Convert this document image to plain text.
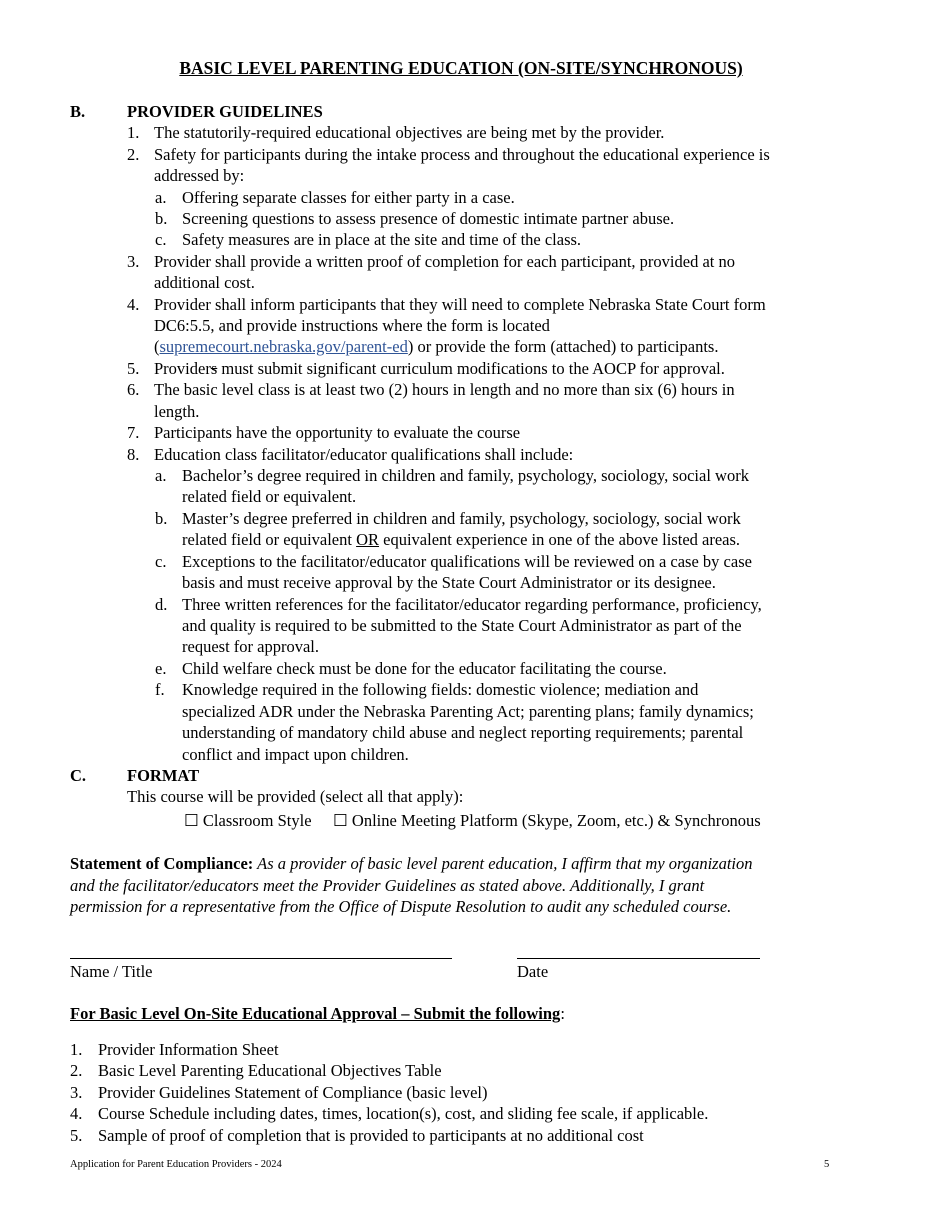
BASIC LEVEL PARENTING EDUCATION (ON-SITE/SYNCHRONOUS)
B.	PROVIDER GUIDELINES
1. The statutorily-required educational objectives are being met by the provider.
2. Safety for participants during the intake process and throughout the educational experience is
addressed by:
a. Offering separate classes for either party in a case.
b. Screening questions to assess presence of domestic intimate partner abuse.
c. Safety measures are in place at the site and time of the class.
3. Provider shall provide a written proof of completion for each participant, provided at no
additional cost.
4. Provider shall inform participants that they will need to complete Nebraska State Court form
DC6:5.5, and provide instructions where the form is located
(supremecourt.nebraska.gov/parent-ed) or provide the form (attached) to participants.
5. Providers must submit significant curriculum modifications to the AOCP for approval.
6. The basic level class is at least two (2) hours in length and no more than six (6) hours in
length.
7. Participants have the opportunity to evaluate the course
8. Education class facilitator/educator qualifications shall include:
a. Bachelor’s degree required in children and family, psychology, sociology, social work
related field or equivalent.
b. Master’s degree preferred in children and family, psychology, sociology, social work
related field or equivalent OR equivalent experience in one of the above listed areas.
c. Exceptions to the facilitator/educator qualifications will be reviewed on a case by case
basis and must receive approval by the State Court Administrator or its designee.
d. Three written references for the facilitator/educator regarding performance, proficiency,
and quality is required to be submitted to the State Court Administrator as part of the
request for approval.
e. Child welfare check must be done for the educator facilitating the course.
f. Knowledge required in the following fields: domestic violence; mediation and
specialized ADR under the Nebraska Parenting Act; parenting plans; family dynamics;
understanding of mandatory child abuse and neglect reporting requirements; parental
conflict and impact upon children.
C. FORMAT
This course will be provided (select all that apply):
☐ Classroom Style ☐ Online Meeting Platform (Skype, Zoom, etc.) & Synchronous
Statement of Compliance: As a provider of basic level parent education, I affirm that my organization
and the facilitator/educators meet the Provider Guidelines as stated above. Additionally, I grant
permission for a representative from the Office of Dispute Resolution to audit any scheduled course.
Name / Title	Date
For Basic Level On-Site Educational Approval – Submit the following:
1. Provider Information Sheet
2. Basic Level Parenting Educational Objectives Table
3. Provider Guidelines Statement of Compliance (basic level)
4. Course Schedule including dates, times, location(s), cost, and sliding fee scale, if applicable.
5. Sample of proof of completion that is provided to participants at no additional cost
Application for Parent Education Providers - 2024	5
